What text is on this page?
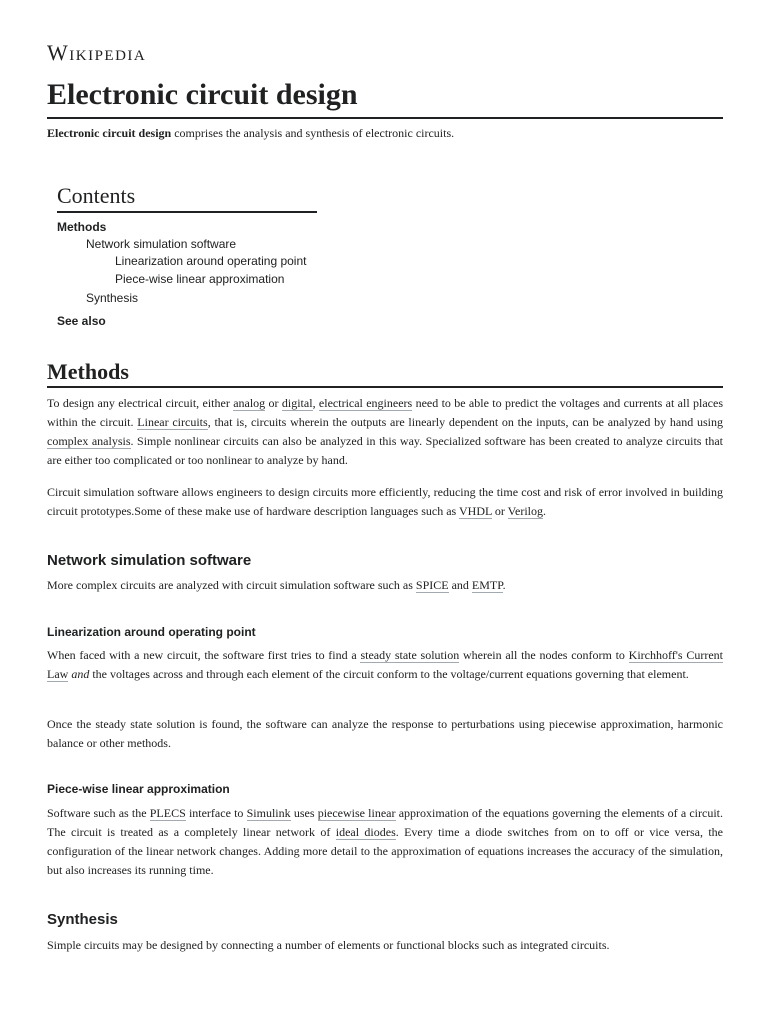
Wikipedia
Electronic circuit design

Electronic circuit design comprises the analysis and synthesis of electronic circuits.

Contents
Methods
Network simulation software
Linearization around operating point
Piece-wise linear approximation
Synthesis
See also
Methods

To design any electrical circuit, either analog or digital, electrical engineers need to be able to predict the voltages and currents at all places within the circuit. Linear circuits, that is, circuits wherein the outputs are linearly dependent on the inputs, can be analyzed by hand using complex analysis. Simple nonlinear circuits can also be analyzed in this way. Specialized software has been created to analyze circuits that are either too complicated or too nonlinear to analyze by hand.

Circuit simulation software allows engineers to design circuits more efficiently, reducing the time cost and risk of error involved in building circuit prototypes.Some of these make use of hardware description languages such as VHDL or Verilog.

Network simulation software

More complex circuits are analyzed with circuit simulation software such as SPICE and EMTP.

Linearization around operating point

When faced with a new circuit, the software first tries to find a steady state solution wherein all the nodes conform to Kirchhoff's Current Law and the voltages across and through each element of the circuit conform to the voltage/current equations governing that element.

Once the steady state solution is found, the software can analyze the response to perturbations using piecewise approximation, harmonic balance or other methods.

Piece-wise linear approximation

Software such as the PLECS interface to Simulink uses piecewise linear approximation of the equations governing the elements of a circuit. The circuit is treated as a completely linear network of ideal diodes. Every time a diode switches from on to off or vice versa, the configuration of the linear network changes. Adding more detail to the approximation of equations increases the accuracy of the simulation, but also increases its running time.

Synthesis

Simple circuits may be designed by connecting a number of elements or functional blocks such as integrated circuits.
